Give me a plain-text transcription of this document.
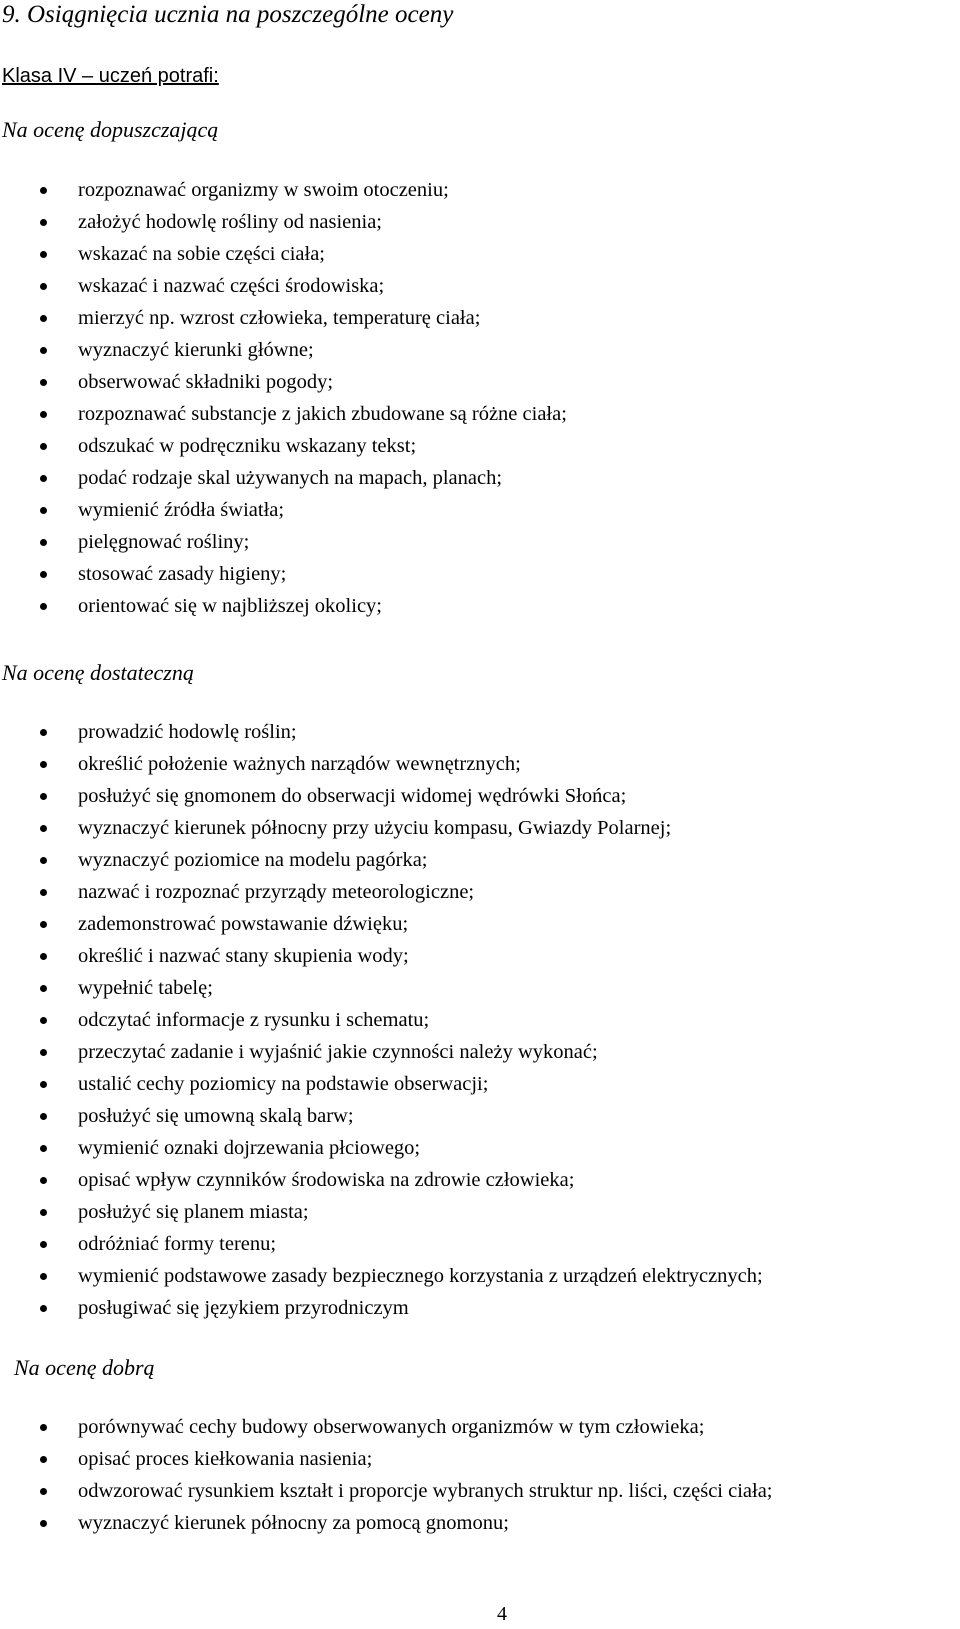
9. Osiągnięcia ucznia na poszczególne oceny
Klasa IV – uczeń potrafi:
Na ocenę dopuszczającą
rozpoznawać organizmy w swoim otoczeniu;
założyć hodowlę rośliny od nasienia;
wskazać na sobie części ciała;
wskazać i nazwać części środowiska;
mierzyć np. wzrost człowieka, temperaturę ciała;
wyznaczyć kierunki główne;
obserwować składniki pogody;
rozpoznawać substancje z jakich zbudowane są różne ciała;
odszukać w podręczniku wskazany tekst;
podać rodzaje skal używanych na mapach, planach;
wymienić źródła światła;
pielęgnować rośliny;
stosować zasady higieny;
orientować się w najbliższej okolicy;
Na ocenę dostateczną
prowadzić hodowlę roślin;
określić położenie ważnych narządów wewnętrznych;
posłużyć się gnomonem do obserwacji widomej wędrówki Słońca;
wyznaczyć kierunek północny przy użyciu kompasu, Gwiazdy Polarnej;
wyznaczyć poziomice na modelu pagórka;
nazwać i rozpoznać przyrządy meteorologiczne;
zademonstrować powstawanie dźwięku;
określić i nazwać stany skupienia wody;
wypełnić tabelę;
odczytać informacje z rysunku i schematu;
przeczytać zadanie i wyjaśnić jakie czynności należy wykonać;
ustalić cechy poziomicy na podstawie obserwacji;
posłużyć się umowną skalą barw;
wymienić oznaki dojrzewania płciowego;
opisać wpływ czynników środowiska na zdrowie człowieka;
posłużyć się planem miasta;
odróżniać formy terenu;
wymienić podstawowe zasady bezpiecznego korzystania z urządzeń elektrycznych;
posługiwać się językiem przyrodniczym
Na ocenę dobrą
porównywać cechy budowy obserwowanych organizmów w tym człowieka;
opisać proces kiełkowania nasienia;
odwzorować rysunkiem kształt i proporcje wybranych struktur np. liści, części ciała;
wyznaczyć kierunek północny za pomocą gnomonu;
4
